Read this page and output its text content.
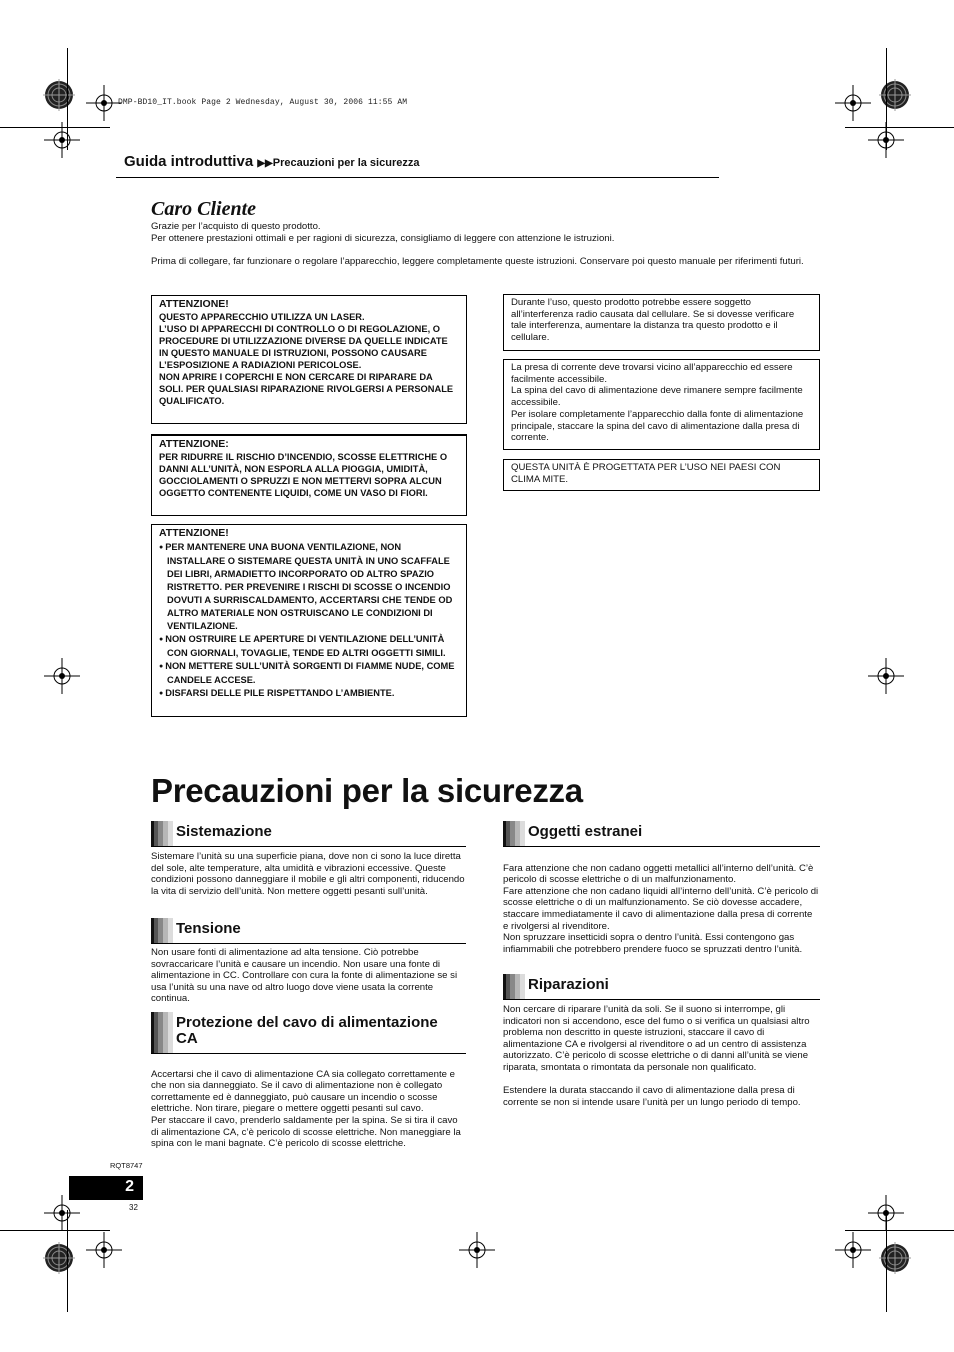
DMP-BD10_IT.book Page 2 Wednesday, August 30, 2006 11:55 AM
Guida introduttiva ▶▶Precauzioni per la sicurezza
Caro Cliente

Grazie per l’acquisto di questo prodotto.
Per ottenere prestazioni ottimali e per ragioni di sicurezza, consigliamo di leggere con attenzione le istruzioni.

Prima di collegare, far funzionare o regolare l’apparecchio, leggere completamente queste istruzioni. Conservare poi questo manuale per riferimenti futuri.

ATTENZIONE!

QUESTO APPARECCHIO UTILIZZA UN LASER.
L’USO DI APPARECCHI DI CONTROLLO O DI REGOLAZIONE, O PROCEDURE DI UTILIZZAZIONE DIVERSE DA QUELLE INDICATE IN QUESTO MANUALE DI ISTRUZIONI, POSSONO CAUSARE L’ESPOSIZIONE A RADIAZIONI PERICOLOSE.
NON APRIRE I COPERCHI E NON CERCARE DI RIPARARE DA SOLI. PER QUALSIASI RIPARAZIONE RIVOLGERSI A PERSONALE QUALIFICATO.

ATTENZIONE:

PER RIDURRE IL RISCHIO D’INCENDIO, SCOSSE ELETTRICHE O DANNI ALL’UNITÀ, NON ESPORLA ALLA PIOGGIA, UMIDITÀ, GOCCIOLAMENTI O SPRUZZI E NON METTERVI SOPRA ALCUN OGGETTO CONTENENTE LIQUIDI, COME UN VASO DI FIORI.

ATTENZIONE!
● PER MANTENERE UNA BUONA VENTILAZIONE, NON INSTALLARE O SISTEMARE QUESTA UNITÀ IN UNO SCAFFALE DEI LIBRI, ARMADIETTO INCORPORATO OD ALTRO SPAZIO RISTRETTO. PER PREVENIRE I RISCHI DI SCOSSE O INCENDIO DOVUTI A SURRISCALDAMENTO, ACCERTARSI CHE TENDE OD ALTRO MATERIALE NON OSTRUISCANO LE CONDIZIONI DI VENTILAZIONE.
● NON OSTRUIRE LE APERTURE DI VENTILAZIONE DELL’UNITÀ CON GIORNALI, TOVAGLIE, TENDE ED ALTRI OGGETTI SIMILI.
● NON METTERE SULL’UNITÀ SORGENTI DI FIAMME NUDE, COME CANDELE ACCESE.
● DISFARSI DELLE PILE RISPETTANDO L’AMBIENTE.
Durante l’uso, questo prodotto potrebbe essere soggetto all’interferenza radio causata dal cellulare. Se si dovesse verificare tale interferenza, aumentare la distanza tra questo prodotto e il cellulare.
La presa di corrente deve trovarsi vicino all’apparecchio ed essere facilmente accessibile.
La spina del cavo di alimentazione deve rimanere sempre facilmente accessibile.
Per isolare completamente l’apparecchio dalla fonte di alimentazione principale, staccare la spina del cavo di alimentazione dalla presa di corrente.
QUESTA UNITÀ È PROGETTATA PER L’USO NEI PAESI CON CLIMA MITE.
Precauzioni per la sicurezza
Sistemazione

Sistemare l’unità su una superficie piana, dove non ci sono la luce diretta del sole, alte temperature, alta umidità e vibrazioni eccessive. Queste condizioni possono danneggiare il mobile e gli altri componenti, riducendo la vita di servizio dell’unità. Non mettere oggetti pesanti sull’unità.

Tensione

Non usare fonti di alimentazione ad alta tensione. Ciò potrebbe sovraccaricare l’unità e causare un incendio. Non usare una fonte di alimentazione in CC. Controllare con cura la fonte di alimentazione se si usa l’unità su una nave od altro luogo dove viene usata la corrente continua.

Protezione del cavo di alimentazione CA

Accertarsi che il cavo di alimentazione CA sia collegato correttamente e che non sia danneggiato. Se il cavo di alimentazione non è collegato correttamente ed è danneggiato, può causare un incendio o scosse elettriche. Non tirare, piegare o mettere oggetti pesanti sul cavo.
Per staccare il cavo, prenderlo saldamente per la spina. Se si tira il cavo di alimentazione CA, c’è pericolo di scosse elettriche. Non maneggiare la spina con le mani bagnate. C’è pericolo di scosse elettriche.

Oggetti estranei

Fara attenzione che non cadano oggetti metallici all’interno dell’unità. C’è pericolo di scosse elettriche o di un malfunzionamento.
Fare attenzione che non cadano liquidi all’interno dell’unità. C’è pericolo di scosse elettriche o di un malfunzionamento. Se ciò dovesse accadere, staccare immediatamente il cavo di alimentazione dalla presa di corrente e rivolgersi al rivenditore.
Non spruzzare insetticidi sopra o dentro l’unità. Essi contengono gas infiammabili che potrebbero prendere fuoco se spruzzati dentro l’unità.

Riparazioni

Non cercare di riparare l’unità da soli. Se il suono si interrompe, gli indicatori non si accendono, esce del fumo o si verifica un qualsiasi altro problema non descritto in queste istruzioni, staccare il cavo di alimentazione CA e rivolgersi al rivenditore o ad un centro di assistenza autorizzato. C’è pericolo di scosse elettriche o di danni all’unità se viene riparata, smontata o rimontata da personale non qualificato.

Estendere la durata staccando il cavo di alimentazione dalla presa di corrente se non si intende usare l’unità per un lungo periodo di tempo.

RQT8747
2
32
